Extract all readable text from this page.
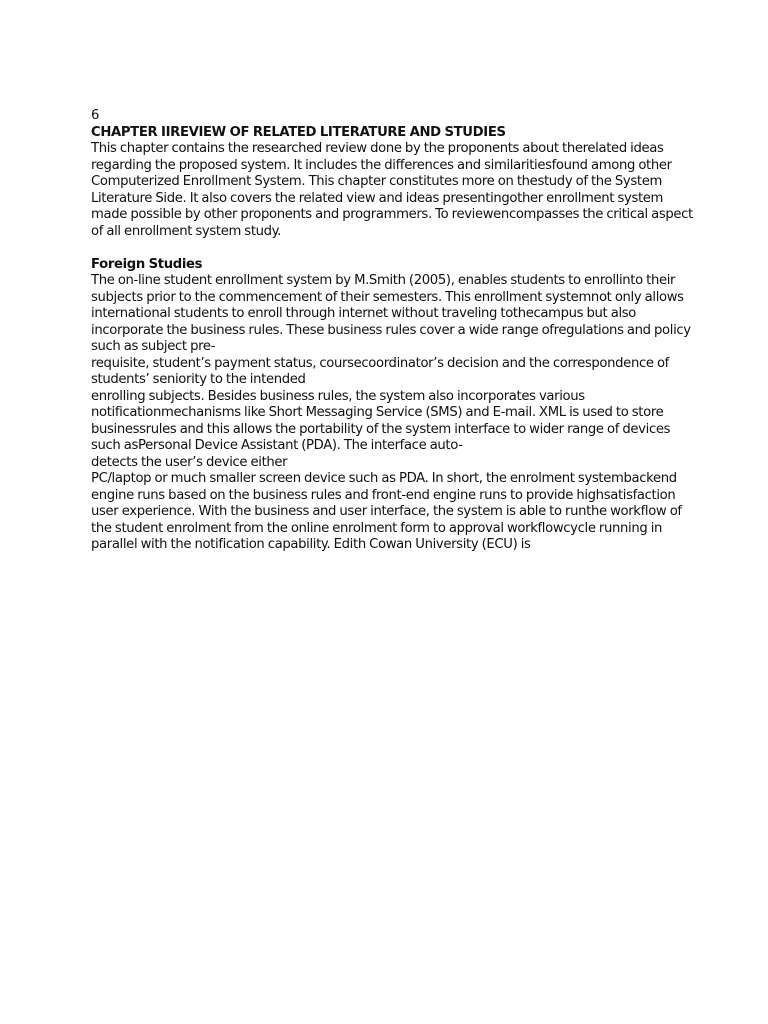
6
CHAPTER IIREVIEW OF RELATED LITERATURE AND STUDIES
This chapter contains the researched review done by the proponents about therelated ideas
regarding the proposed system. It includes the differences and similaritiesfound among other
Computerized Enrollment System. This chapter constitutes more on thestudy of the System
Literature Side. It also covers the related view and ideas presentingother enrollment system
made possible by other proponents and programmers. To reviewencompasses the critical aspect
of all enrollment system study.
Foreign Studies
The on-line student enrollment system by M.Smith (2005), enables students to enrollinto their
subjects prior to the commencement of their semesters. This enrollment systemnot only allows
international students to enroll through internet without traveling tothecampus but also
incorporate the business rules. These business rules cover a wide range ofregulations and policy
such as subject pre-
requisite, student’s payment status, coursecoordinator’s decision and the correspondence of
students’ seniority to the intended
enrolling subjects. Besides business rules, the system also incorporates various
notificationmechanisms like Short Messaging Service (SMS) and E-mail. XML is used to store
businessrules and this allows the portability of the system interface to wider range of devices
such asPersonal Device Assistant (PDA). The interface auto-
detects the user’s device either
PC/laptop or much smaller screen device such as PDA. In short, the enrolment systembackend
engine runs based on the business rules and front-end engine runs to provide highsatisfaction
user experience. With the business and user interface, the system is able to runthe workflow of
the student enrolment from the online enrolment form to approval workflowcycle running in
parallel with the notification capability. Edith Cowan University (ECU) is
